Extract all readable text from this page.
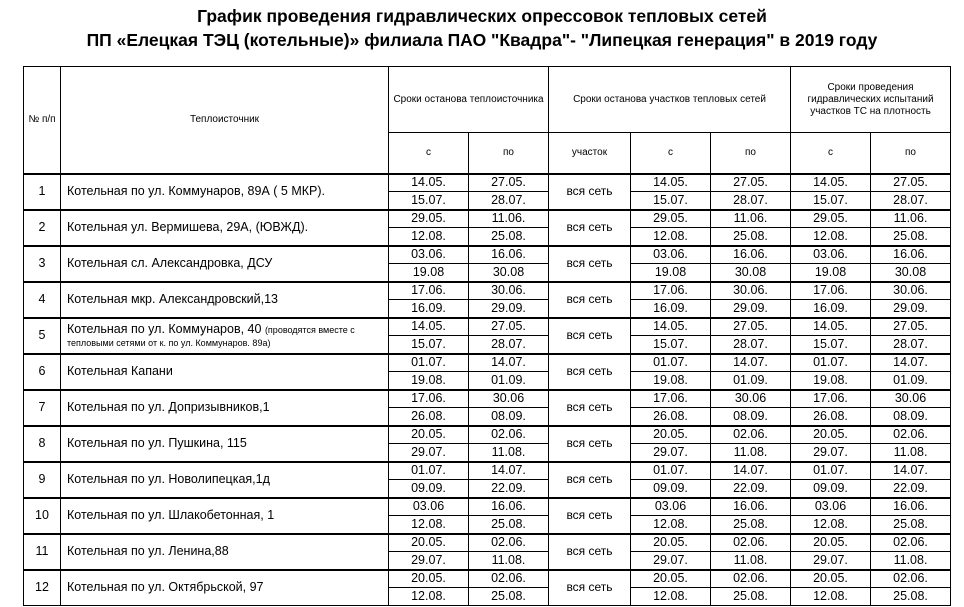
График проведения гидравлических опрессовок тепловых сетей
ПП «Елецкая ТЭЦ (котельные)» филиала ПАО "Квадра"- "Липецкая генерация" в 2019 году
№ п/п	Теплоисточник	Сроки останова теплоисточника		Сроки останова участков тепловых сетей			Сроки проведения гидравлических испытаний участков ТС на плотность	
		с	по	участок	с	по	с	по
1	Котельная по ул. Коммунаров, 89А ( 5 МКР).	14.05.	27.05.	вся сеть	14.05.	27.05.	14.05.	27.05.
		15.07.	28.07.		15.07.	28.07.	15.07.	28.07.
2	Котельная ул. Вермишева, 29А, (ЮВЖД).	29.05.	11.06.	вся сеть	29.05.	11.06.	29.05.	11.06.
		12.08.	25.08.		12.08.	25.08.	12.08.	25.08.
3	Котельная сл. Александровка, ДСУ	03.06.	16.06.	вся сеть	03.06.	16.06.	03.06.	16.06.
		19.08	30.08		19.08	30.08	19.08	30.08
4	Котельная мкр. Александровский,13	17.06.	30.06.	вся сеть	17.06.	30.06.	17.06.	30.06.
		16.09.	29.09.		16.09.	29.09.	16.09.	29.09.
5	Котельная по ул. Коммунаров, 40 (проводятся вместе с тепловыми сетями от к. по ул. Коммунаров. 89а)	14.05.	27.05.	вся сеть	14.05.	27.05.	14.05.	27.05.
		15.07.	28.07.		15.07.	28.07.	15.07.	28.07.
6	Котельная Капани	01.07.	14.07.	вся сеть	01.07.	14.07.	01.07.	14.07.
		19.08.	01.09.		19.08.	01.09.	19.08.	01.09.
7	Котельная по ул. Допризывников,1	17.06.	30.06	вся сеть	17.06.	30.06	17.06.	30.06
		26.08.	08.09.		26.08.	08.09.	26.08.	08.09.
8	Котельная по ул. Пушкина, 115	20.05.	02.06.	вся сеть	20.05.	02.06.	20.05.	02.06.
		29.07.	11.08.		29.07.	11.08.	29.07.	11.08.
9	Котельная по ул. Новолипецкая,1д	01.07.	14.07.	вся сеть	01.07.	14.07.	01.07.	14.07.
		09.09.	22.09.		09.09.	22.09.	09.09.	22.09.
10	Котельная по ул. Шлакобетонная, 1	03.06	16.06.	вся сеть	03.06	16.06.	03.06	16.06.
		12.08.	25.08.		12.08.	25.08.	12.08.	25.08.
11	Котельная по ул. Ленина,88	20.05.	02.06.	вся сеть	20.05.	02.06.	20.05.	02.06.
		29.07.	11.08.		29.07.	11.08.	29.07.	11.08.
12	Котельная по ул. Октябрьской, 97	20.05.	02.06.	вся сеть	20.05.	02.06.	20.05.	02.06.
		12.08.	25.08.		12.08.	25.08.	12.08.	25.08.
